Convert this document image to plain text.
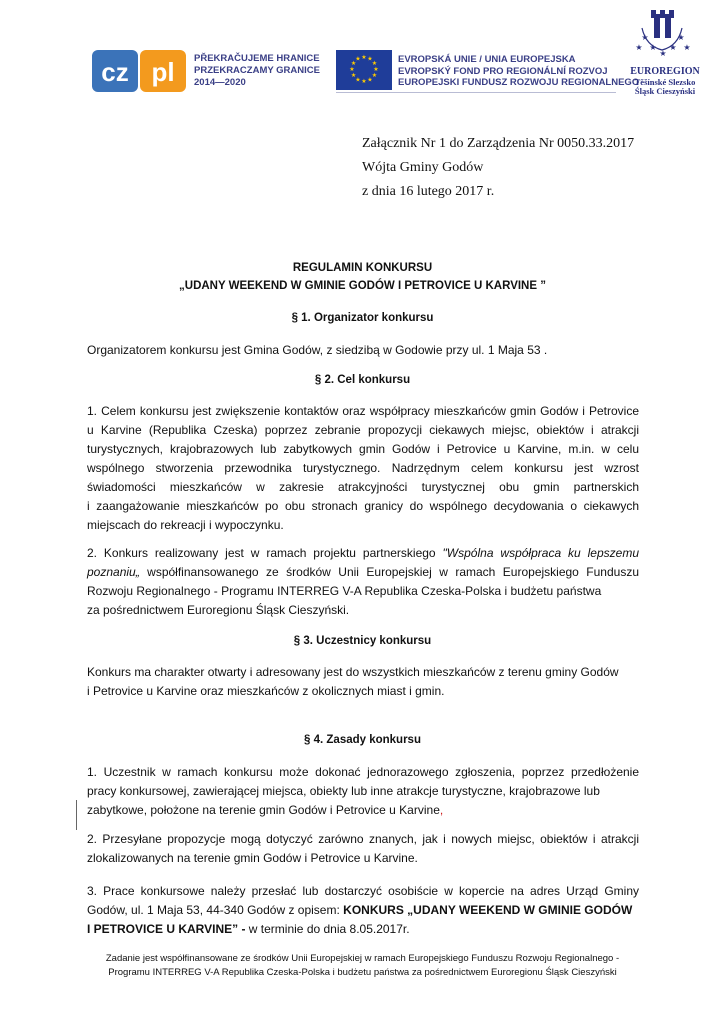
cz pl PŘEKRAČUJEME HRANICE
PRZEKRACZAMY GRANICE
2014—2020
★ ★
★
★
★
★
★
★
★
★
★
★	EVROPSKÁ UNIE / UNIA EUROPEJSKA
EVROPSKÝ FOND PRO REGIONÁLNÍ ROZVOJ
EUROPEJSKI FUNDUSZ ROZWOJU REGIONALNEGO
★
★
★
★
★
★	★
EUROREGION
Těšínské Slezsko
Śląsk Cieszyński
Załącznik Nr 1 do Zarządzenia Nr 0050.33.2017
Wójta Gminy Godów
z dnia 16 lutego 2017 r.
REGULAMIN KONKURSU
„UDANY WEEKEND W GMINIE GODÓW I PETROVICE U KARVINE ”
§ 1. Organizator konkursu

Organizatorem konkursu jest Gmina Godów, z siedzibą w Godowie przy ul. 1 Maja 53 .

§ 2. Cel konkursu
1. Celem konkursu jest zwiększenie kontaktów oraz współpracy mieszkańców gmin Godów i Petrovice
u Karvine (Republika Czeska) poprzez zebranie propozycji ciekawych miejsc, obiektów i atrakcji
turystycznych, krajobrazowych lub zabytkowych gmin Godów i Petrovice u Karvine, m.in. w celu
wspólnego stworzenia przewodnika turystycznego. Nadrzędnym celem konkursu jest wzrost
świadomości mieszkańców w zakresie atrakcyjności turystycznej obu gmin partnerskich
i zaangażowanie mieszkańców po obu stronach granicy do wspólnego decydowania o ciekawych
miejscach do rekreacji i wypoczynku.

2. Konkurs realizowany jest w ramach projektu partnerskiego "Wspólna współpraca ku lepszemu poznaniu„ współfinansowanego ze środków Unii Europejskiej w ramach Europejskiego Funduszu Rozwoju Regionalnego - Programu INTERREG V-A Republika Czeska-Polska i budżetu państwa

za pośrednictwem Euroregionu Śląsk Cieszyński.

§ 3. Uczestnicy konkursu

Konkurs ma charakter otwarty i adresowany jest do wszystkich mieszkańców z terenu gminy Godów

i Petrovice u Karvine oraz mieszkańców z okolicznych miast i gmin.

§ 4. Zasady konkursu

1. Uczestnik w ramach konkursu może dokonać jednorazowego zgłoszenia, poprzez przedłożenie pracy konkursowej, zawierającej miejsca, obiekty lub inne atrakcje turystyczne, krajobrazowe lub

zabytkowe, położone na terenie gmin Godów i Petrovice u Karvine,

2. Przesyłane propozycje mogą dotyczyć zarówno znanych, jak i nowych miejsc, obiektów i atrakcji

zlokalizowanych na terenie gmin Godów i Petrovice u Karvine.

3. Prace konkursowe należy przesłać lub dostarczyć osobiście w kopercie na adres Urząd Gminy Godów, ul. 1 Maja 53, 44-340 Godów z opisem: KONKURS „UDANY WEEKEND W GMINIE GODÓW

I PETROVICE U KARVINE” - w terminie do dnia 8.05.2017r.

Zadanie jest współfinansowane ze środków Unii Europejskiej w ramach Europejskiego Funduszu Rozwoju Regionalnego -
Programu INTERREG V-A Republika Czeska-Polska i budżetu państwa za pośrednictwem Euroregionu Śląsk Cieszyński
